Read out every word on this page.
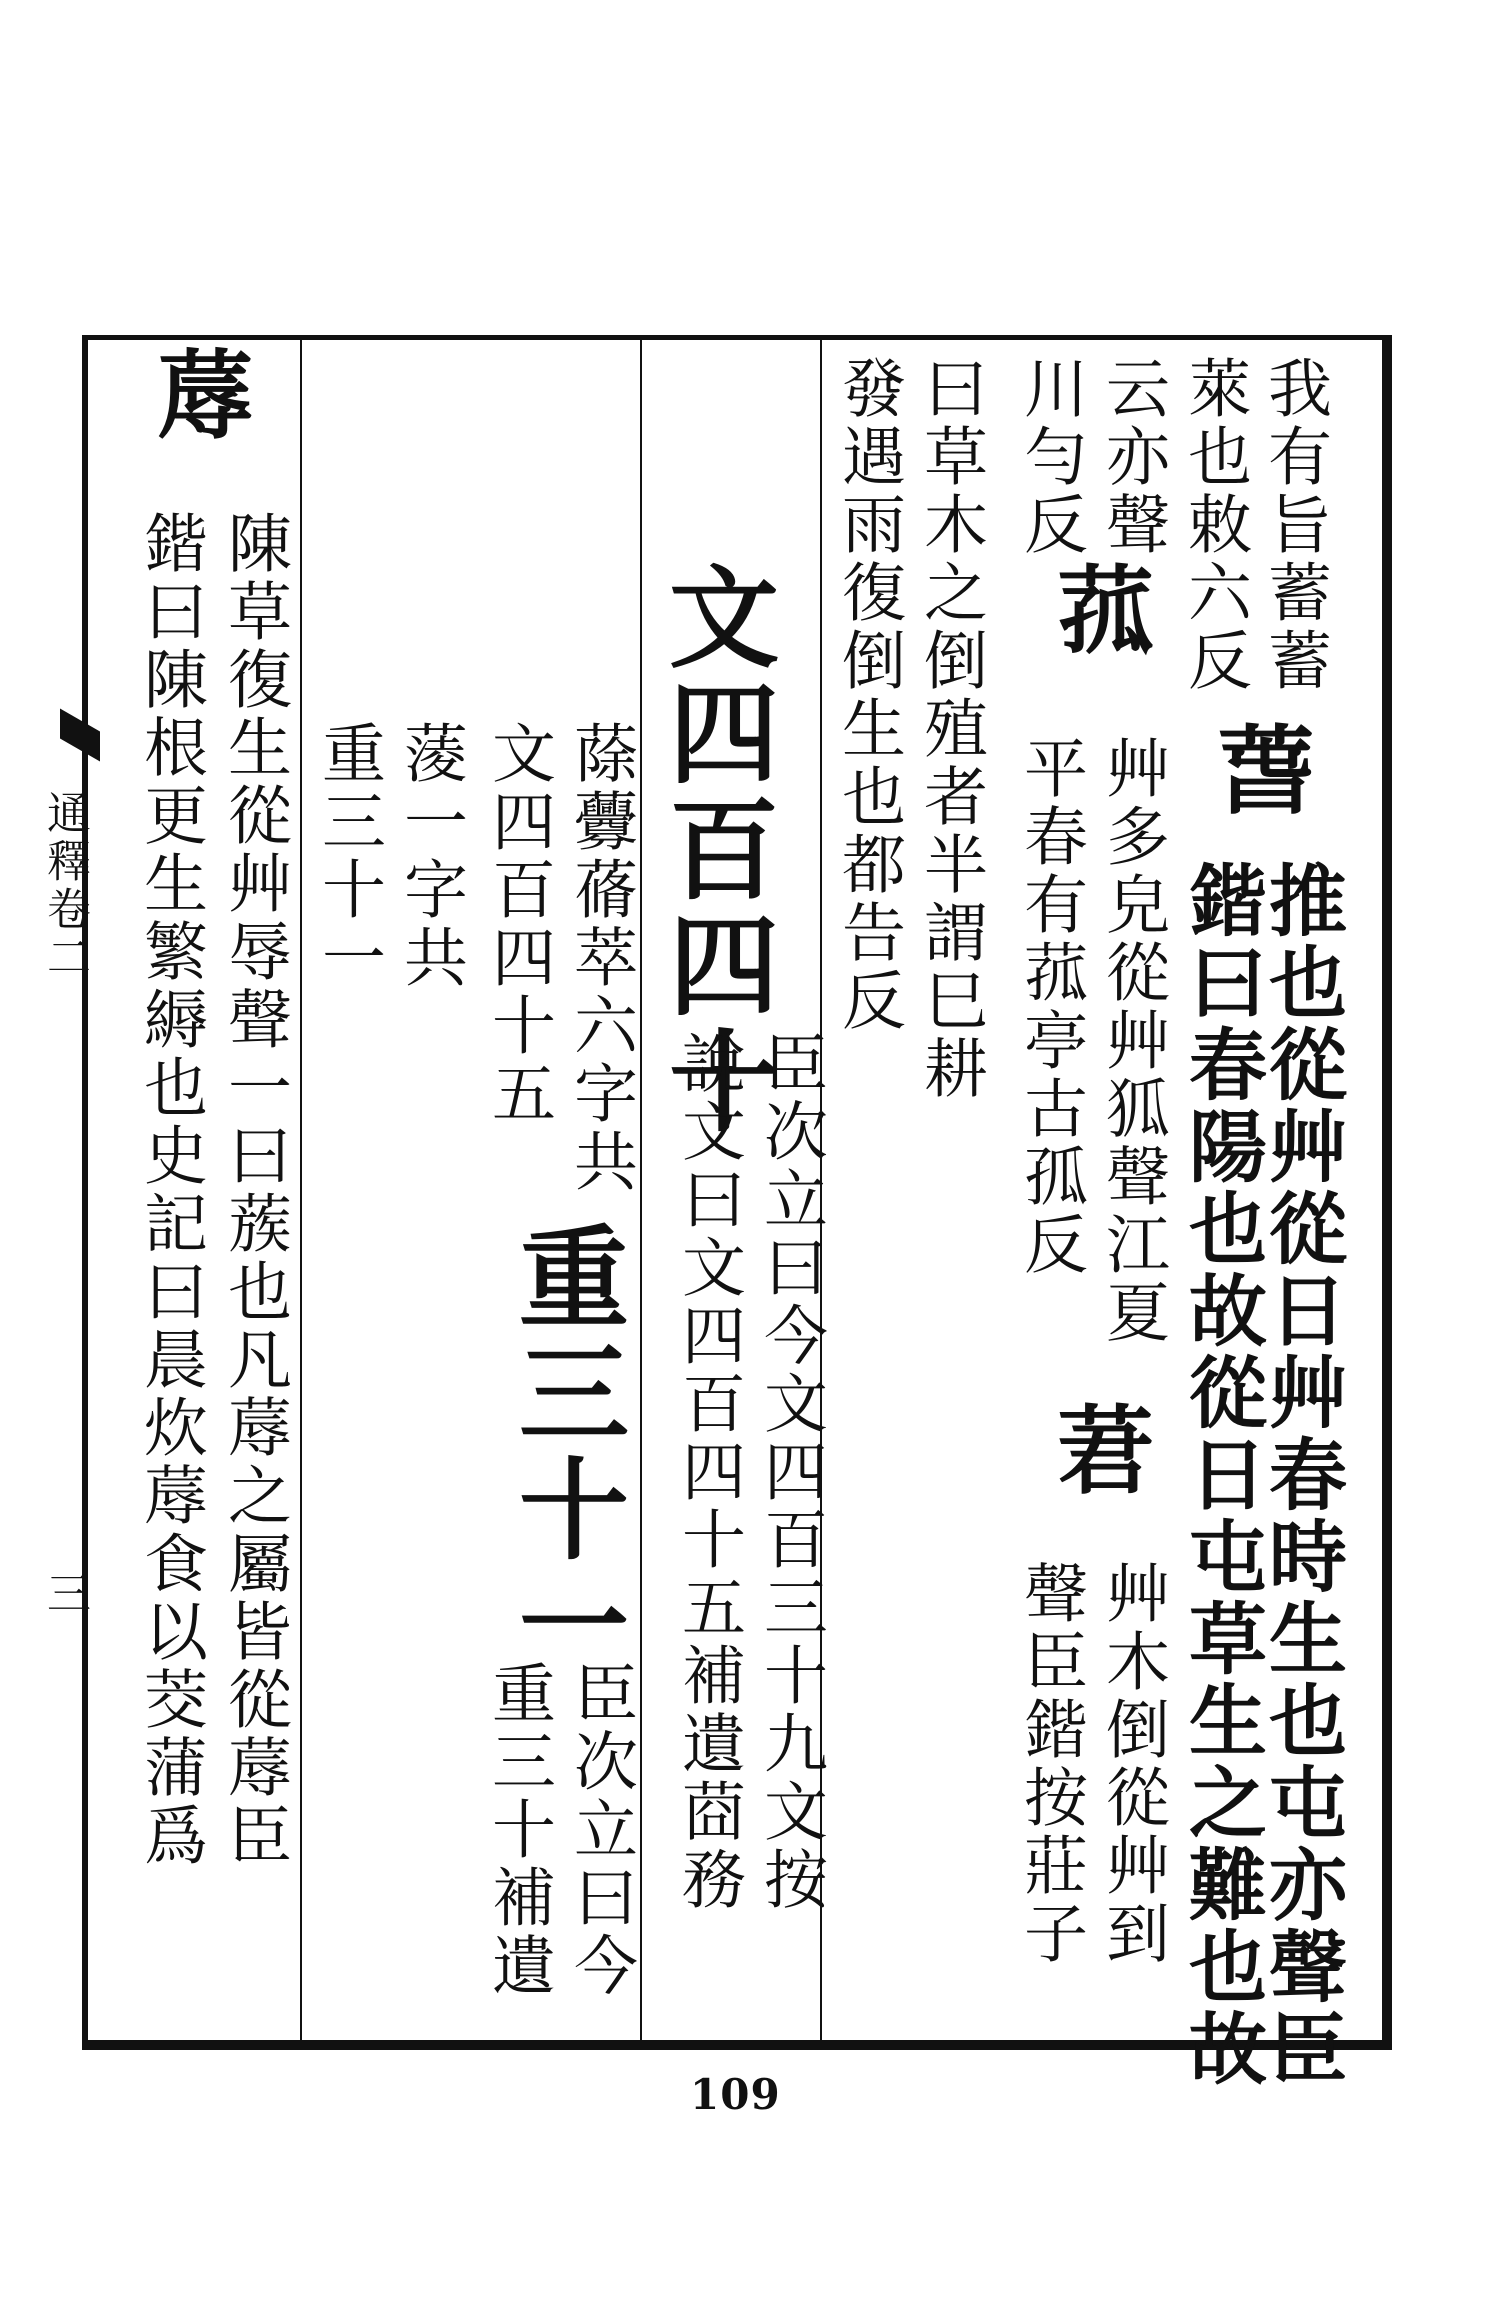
通釋卷二
三
我有旨蓄蓄
推也從艸從日艸春時生也屯亦聲臣
萊也敕六反
鍇曰春陽也故從日屯草生之難也故
云亦聲
艸多皃從艸狐聲江夏
艸木倒從艸到
川勻反
平春有菰亭古孤反
聲臣鍇按莊子
曰草木之倒殖者半謂巳耕
發遇雨復倒生也都告反
文四百四十
臣次立曰今文四百三十九文按
說文曰文四百四十五補遺莔務
蒢虋蓨萃六字共
重三十一
文四百四十五
臣次立曰今
重三十補遺
蔆一字共
重三十一
陳草復生從艸辱聲一曰蔟也凡蓐之屬皆從蓐臣
鍇曰陳根更生繁縟也史記曰晨炊蓐食以茭蒲爲	萅
菰
莙
蓐
109
